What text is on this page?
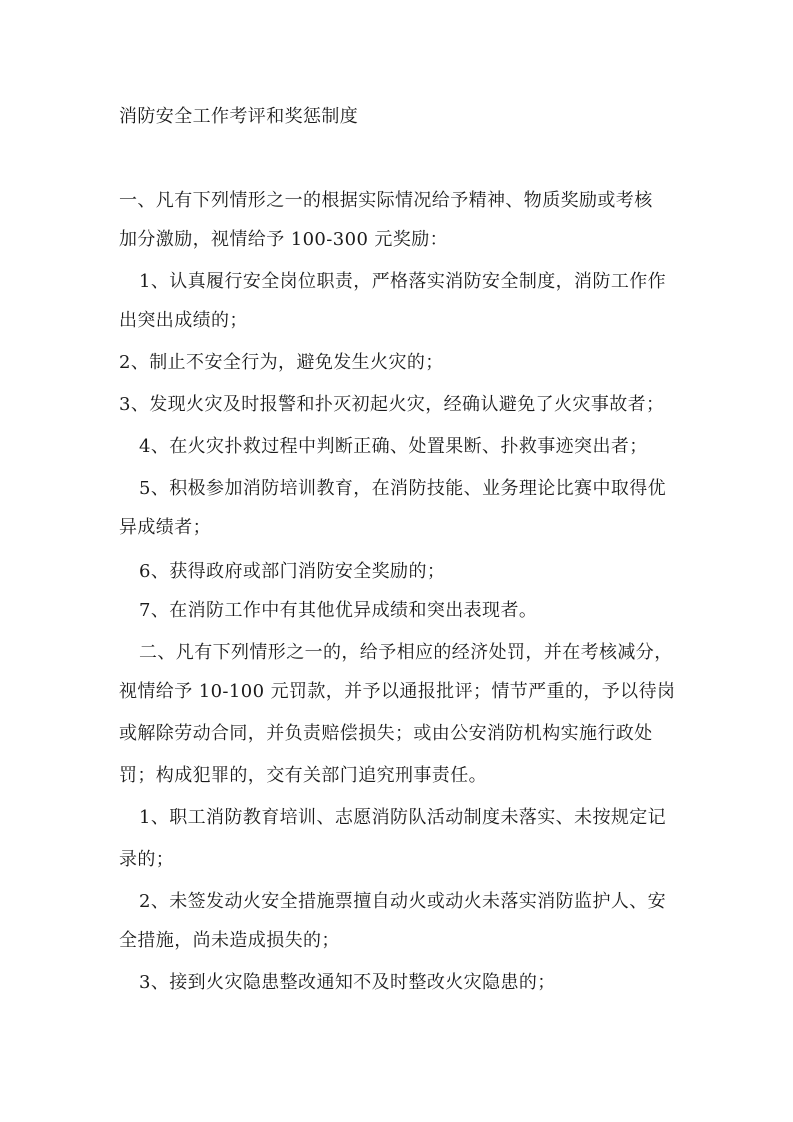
消防安全工作考评和奖惩制度
一、凡有下列情形之一的根据实际情况给予精神、物质奖励或考核
加分激励，视情给予 100-300 元奖励：
1、认真履行安全岗位职责，严格落实消防安全制度，消防工作作
出突出成绩的；
2、制止不安全行为，避免发生火灾的；
3、发现火灾及时报警和扑灭初起火灾，经确认避免了火灾事故者；
4、在火灾扑救过程中判断正确、处置果断、扑救事迹突出者；
5、积极参加消防培训教育，在消防技能、业务理论比赛中取得优
异成绩者；
6、获得政府或部门消防安全奖励的；
7、在消防工作中有其他优异成绩和突出表现者。
二、凡有下列情形之一的，给予相应的经济处罚，并在考核减分，
视情给予 10-100 元罚款，并予以通报批评；情节严重的，予以待岗
或解除劳动合同，并负责赔偿损失；或由公安消防机构实施行政处
罚；构成犯罪的，交有关部门追究刑事责任。
1、职工消防教育培训、志愿消防队活动制度未落实、未按规定记
录的；
2、未签发动火安全措施票擅自动火或动火未落实消防监护人、安
全措施，尚未造成损失的；
3、接到火灾隐患整改通知不及时整改火灾隐患的；
